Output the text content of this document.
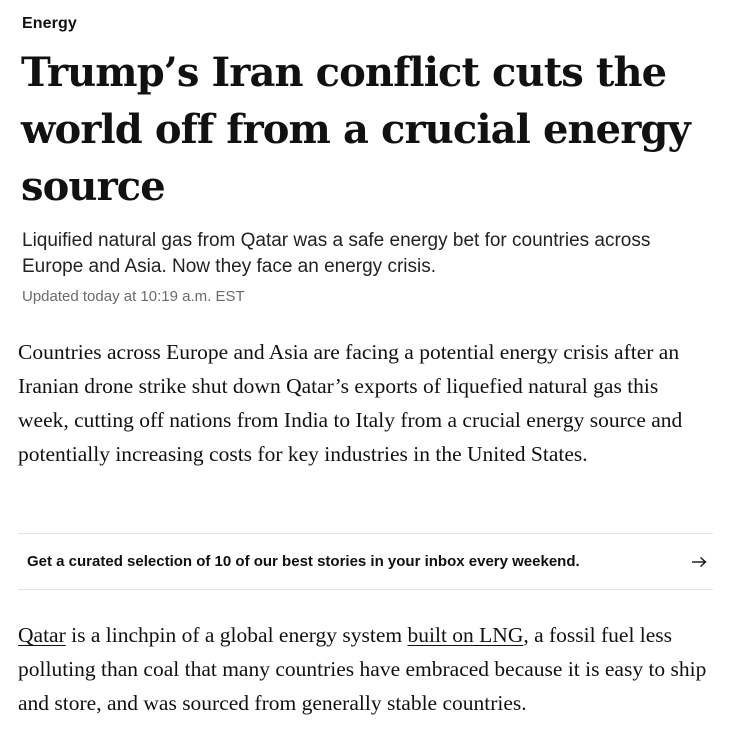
Energy
Trump’s Iran conflict cuts the world off from a crucial energy source

Liquified natural gas from Qatar was a safe energy bet for countries across Europe and Asia. Now they face an energy crisis.

Updated today at 10:19 a.m. EST

Countries across Europe and Asia are facing a potential energy crisis after an Iranian drone strike shut down Qatar’s exports of liquefied natural gas this week, cutting off nations from India to Italy from a crucial energy source and potentially increasing costs for key industries in the United States.

Get a curated selection of 10 of our best stories in your inbox every weekend.

Qatar is a linchpin of a global energy system built on LNG, a fossil fuel less polluting than coal that many countries have embraced because it is easy to ship and store, and was sourced from generally stable countries.
